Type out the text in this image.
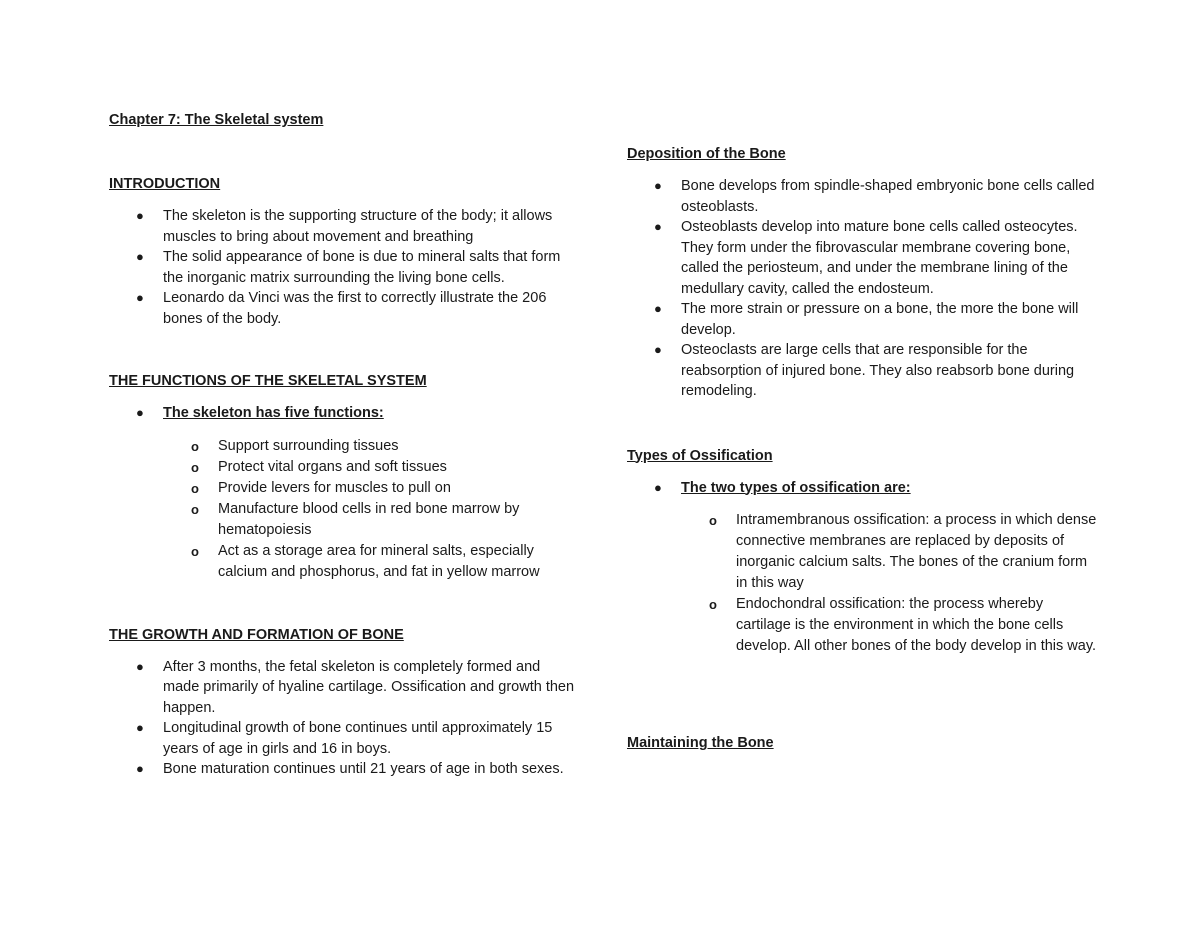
Chapter 7: The Skeletal system

INTRODUCTION

● The skeleton is the supporting structure of the body; it allows muscles to bring about movement and breathing
● The solid appearance of bone is due to mineral salts that form the inorganic matrix surrounding the living bone cells.
● Leonardo da Vinci was the first to correctly illustrate the 206 bones of the body.

THE FUNCTIONS OF THE SKELETAL SYSTEM

● The skeleton has five functions:
o Support surrounding tissues
o Protect vital organs and soft tissues
o Provide levers for muscles to pull on
o Manufacture blood cells in red bone marrow by hematopoiesis
o Act as a storage area for mineral salts, especially calcium and phosphorus, and fat in yellow marrow

THE GROWTH AND FORMATION OF BONE

● After 3 months, the fetal skeleton is completely formed and made primarily of hyaline cartilage. Ossification and growth then happen.
● Longitudinal growth of bone continues until approximately 15 years of age in girls and 16 in boys.
● Bone maturation continues until 21 years of age in both sexes.

Deposition of the Bone

● Bone develops from spindle-shaped embryonic bone cells called osteoblasts.
● Osteoblasts develop into mature bone cells called osteocytes. They form under the fibrovascular membrane covering bone, called the periosteum, and under the membrane lining of the medullary cavity, called the endosteum.
● The more strain or pressure on a bone, the more the bone will develop.
● Osteoclasts are large cells that are responsible for the reabsorption of injured bone. They also reabsorb bone during remodeling.

Types of Ossification

● The two types of ossification are:
o Intramembranous ossification: a process in which dense connective membranes are replaced by deposits of inorganic calcium salts. The bones of the cranium form in this way
o Endochondral ossification: the process whereby cartilage is the environment in which the bone cells develop. All other bones of the body develop in this way.

Maintaining the Bone
